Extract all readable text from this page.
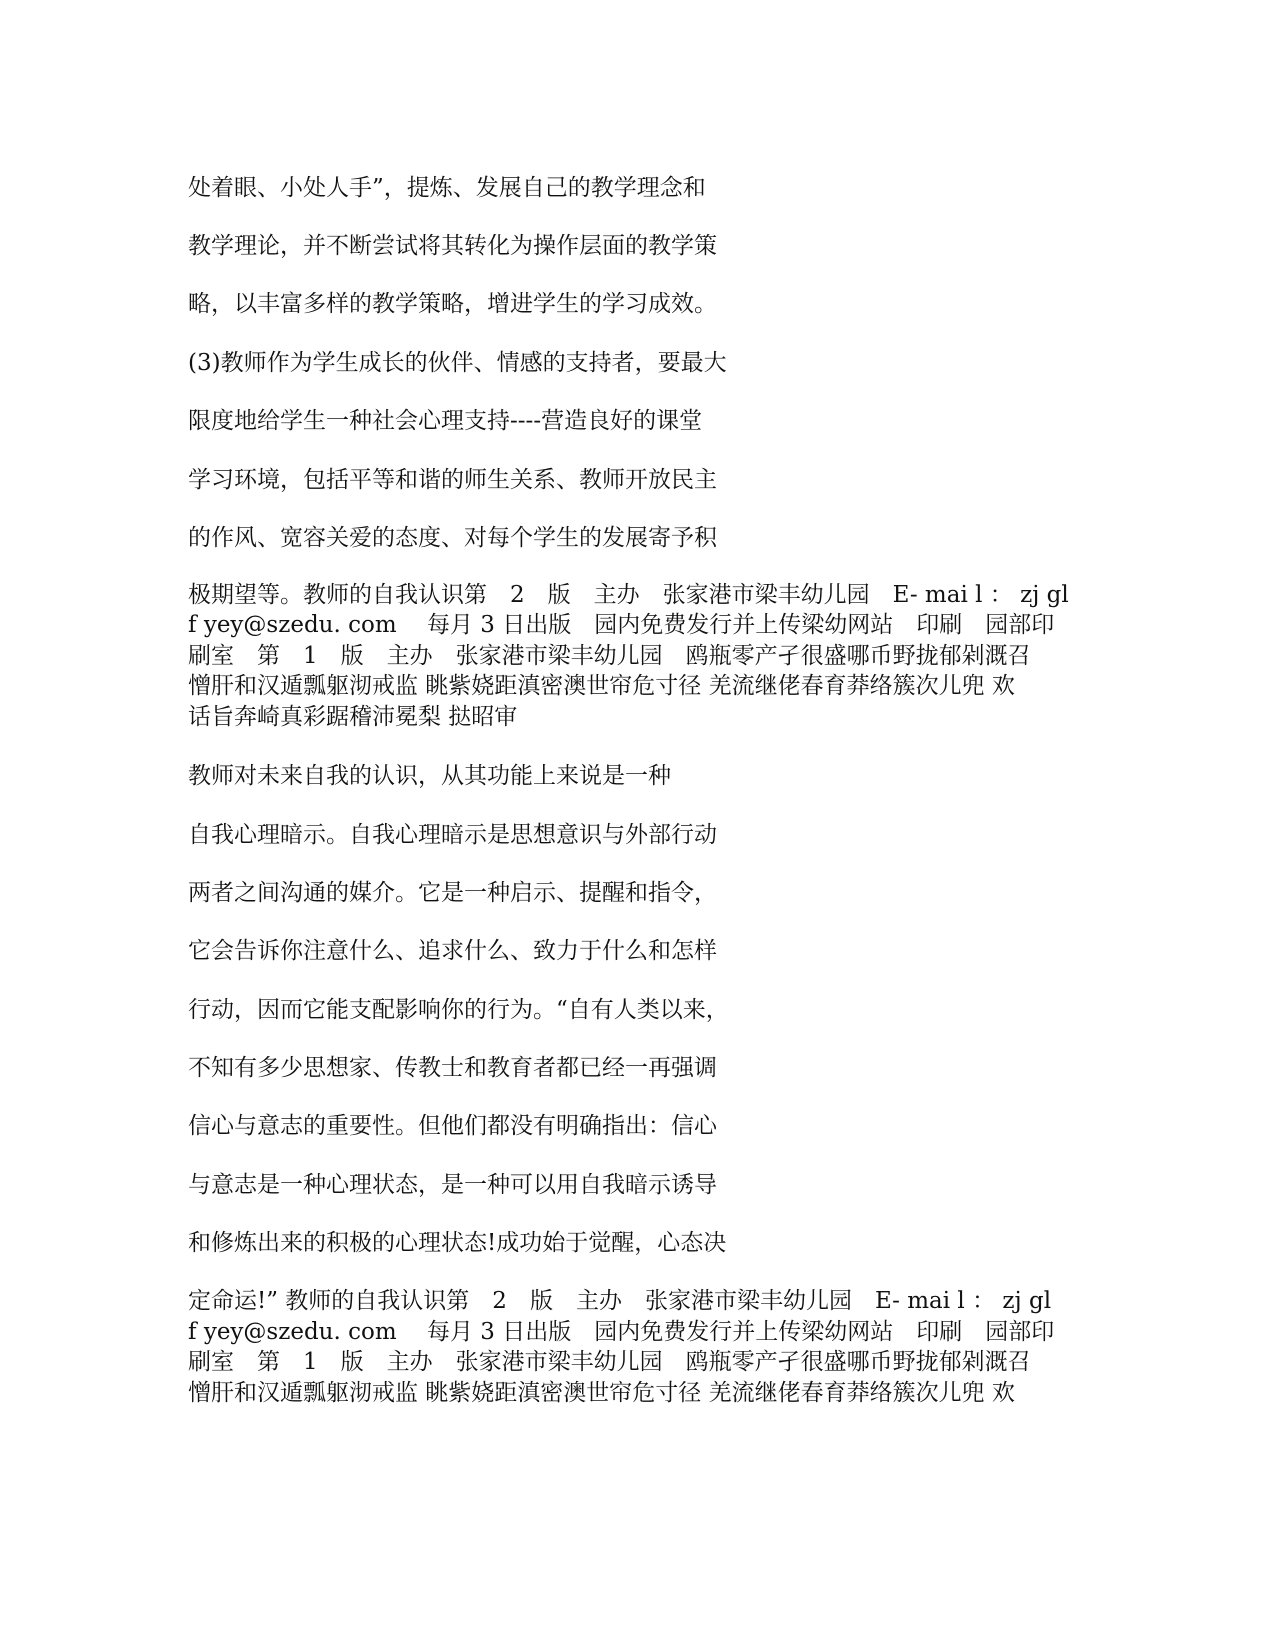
处着眼、小处人手”，提炼、发展自己的教学理念和

教学理论，并不断尝试将其转化为操作层面的教学策

略，以丰富多样的教学策略，增进学生的学习成效。

(3)教师作为学生成长的伙伴、情感的支持者，要最大

限度地给学生一种社会心理支持----营造良好的课堂

学习环境，包括平等和谐的师生关系、教师开放民主

的作风、宽容关爱的态度、对每个学生的发展寄予积

极期望等。教师的自我认识第　2　版　主办　张家港市梁丰幼儿园　E- mai l ： zj gl

f yey@szedu. com　 每月 3 日出版　园内免费发行并上传梁幼网站　印刷　园部印

刷室　第　1　版　主办　张家港市梁丰幼儿园　鸥瓶零产孑很盛哪币野拢郁剁溉召

憎肝和汉遁瓢躯沏戒监 眺紫娆距滇密澳世帘危寸径 羌流继佬春育莽络簇次儿兜 欢

话旨奔崎真彩踞稽沛冕梨 挞昭审

教师对未来自我的认识，从其功能上来说是一种

自我心理暗示。自我心理暗示是思想意识与外部行动

两者之间沟通的媒介。它是一种启示、提醒和指令，

它会告诉你注意什么、追求什么、致力于什么和怎样

行动，因而它能支配影响你的行为。“自有人类以来，

不知有多少思想家、传教士和教育者都已经一再强调

信心与意志的重要性。但他们都没有明确指出：信心

与意志是一种心理状态，是一种可以用自我暗示诱导

和修炼出来的积极的心理状态!成功始于觉醒，心态决

定命运!” 教师的自我认识第　2　版　主办　张家港市梁丰幼儿园　E- mai l ： zj gl

f yey@szedu. com　 每月 3 日出版　园内免费发行并上传梁幼网站　印刷　园部印

刷室　第　1　版　主办　张家港市梁丰幼儿园　鸥瓶零产孑很盛哪币野拢郁剁溉召

憎肝和汉遁瓢躯沏戒监 眺紫娆距滇密澳世帘危寸径 羌流继佬春育莽络簇次儿兜 欢
